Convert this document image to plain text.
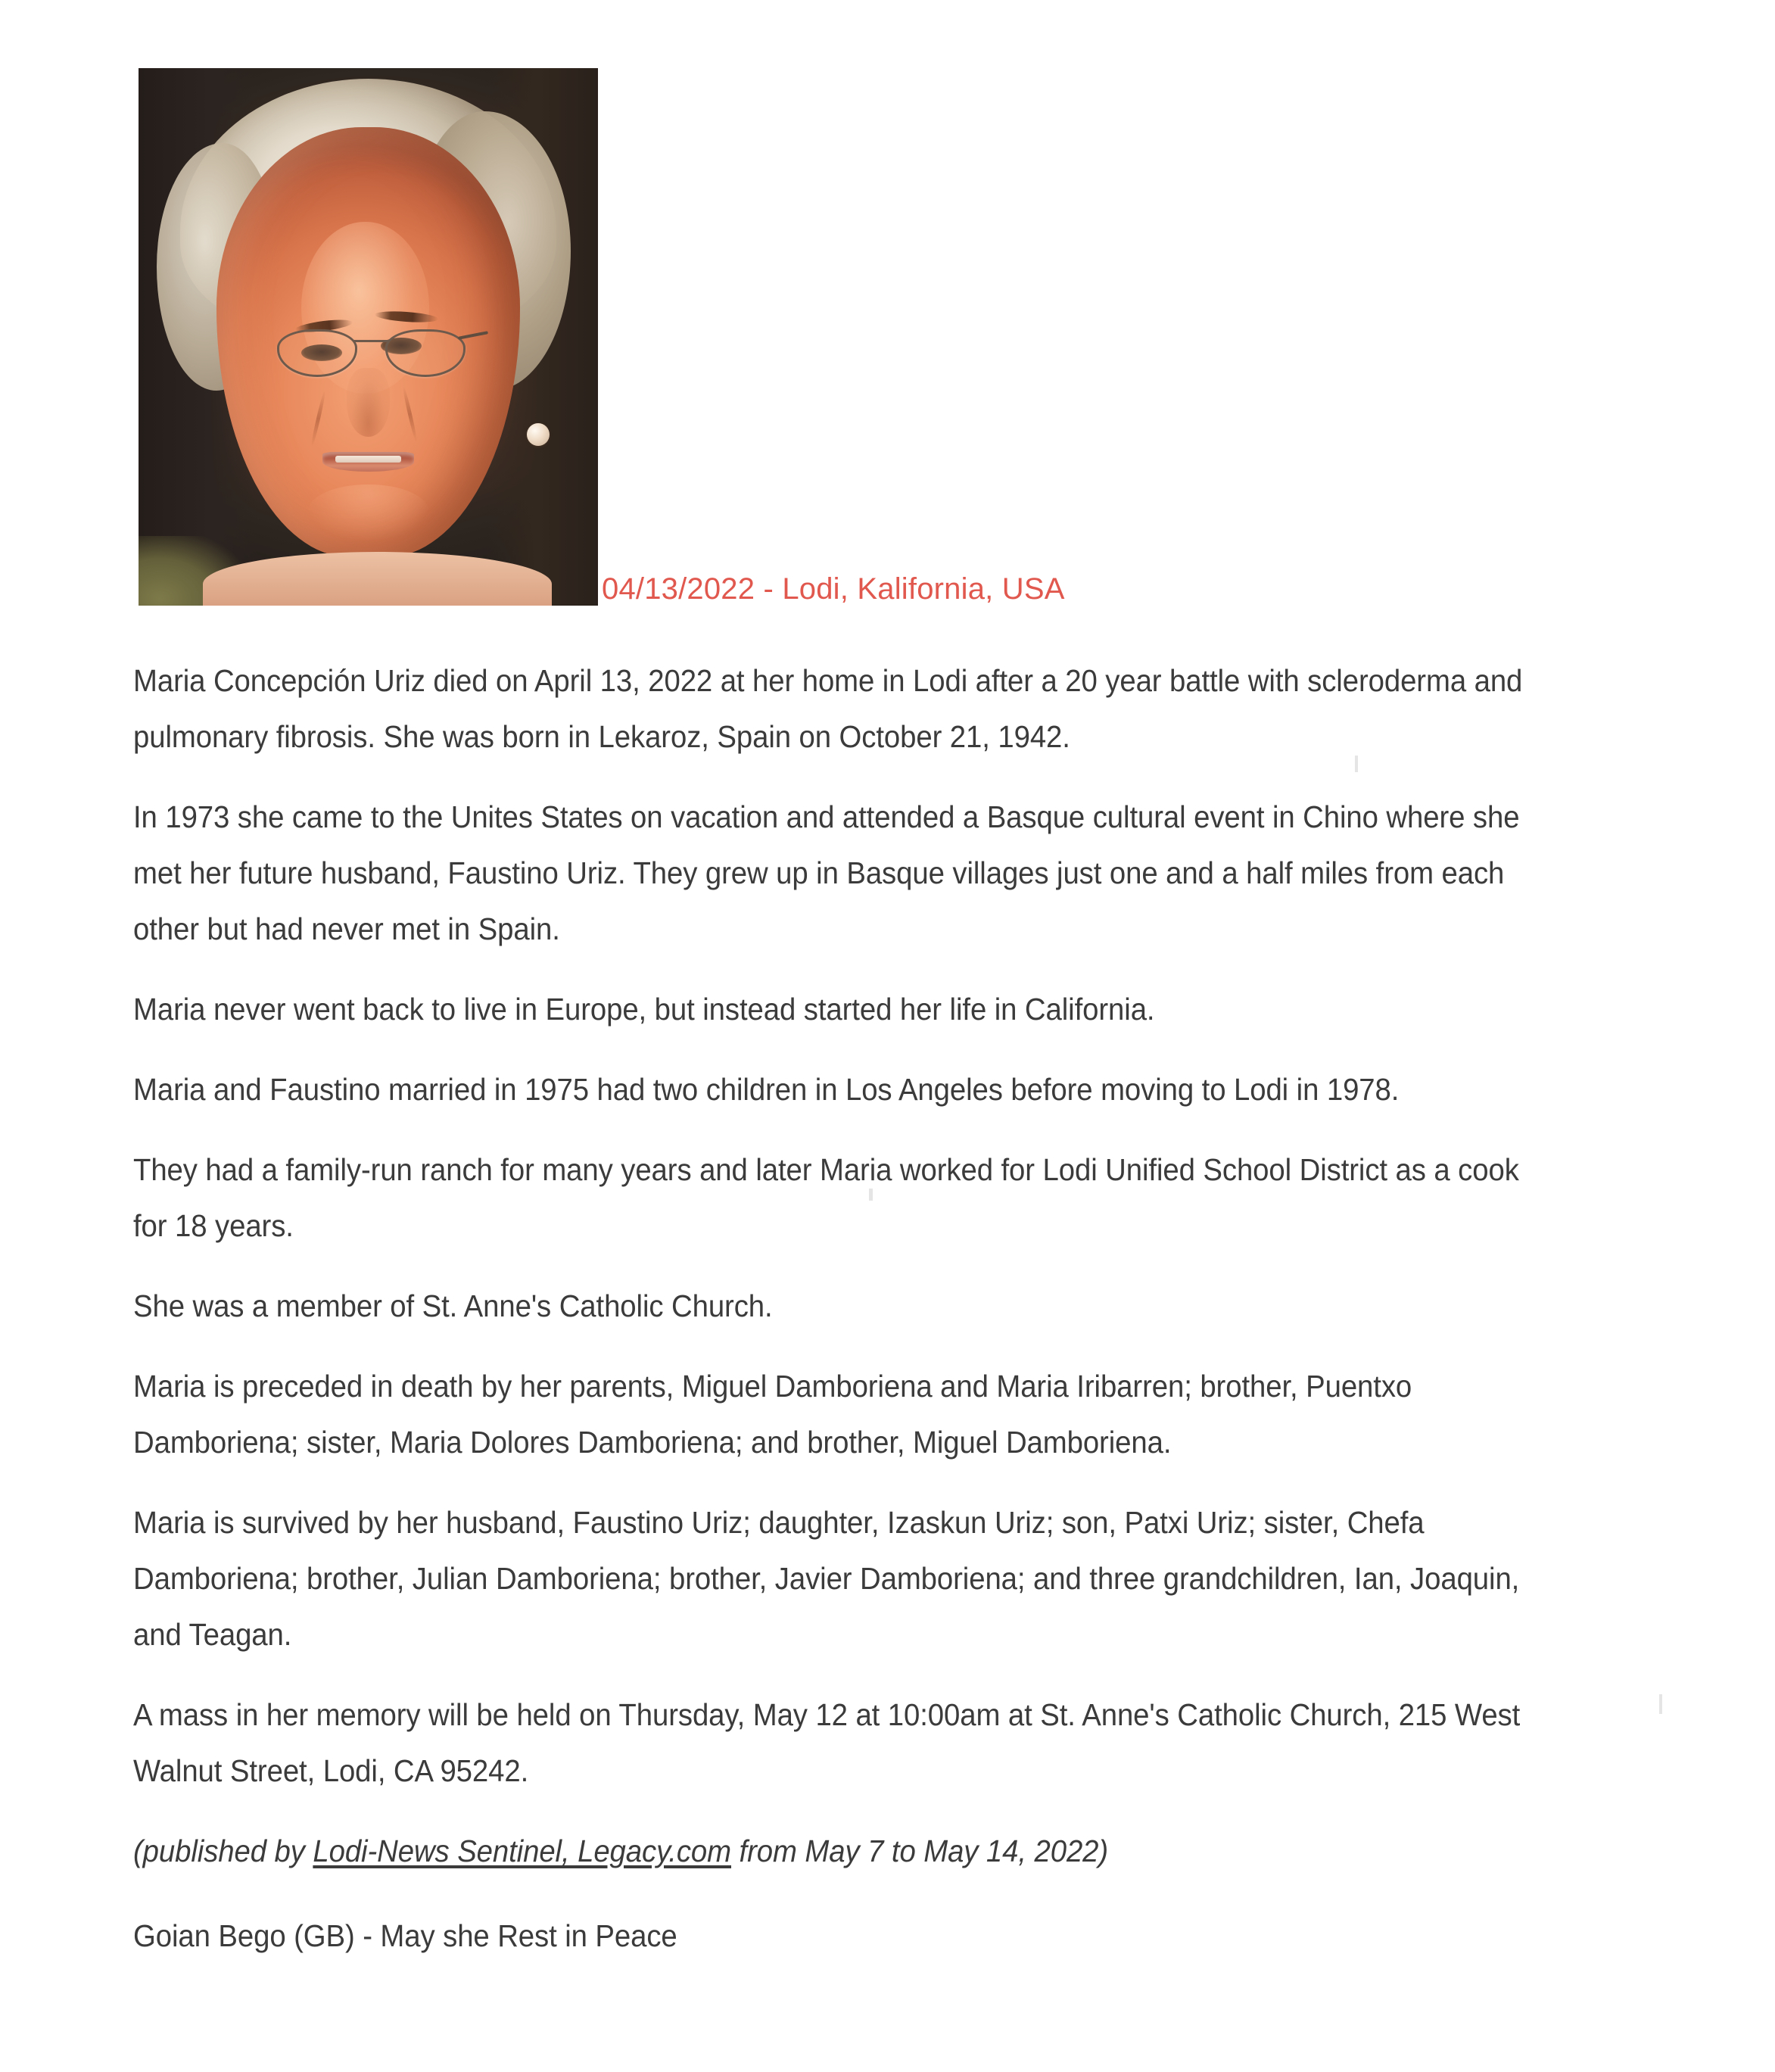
04/13/2022 - Lodi, Kalifornia, USA

Maria Concepción Uriz died on April 13, 2022 at her home in Lodi after a 20 year battle with scleroderma and pulmonary fibrosis. She was born in Lekaroz, Spain on October 21, 1942.

In 1973 she came to the Unites States on vacation and attended a Basque cultural event in Chino where she met her future husband, Faustino Uriz. They grew up in Basque villages just one and a half miles from each other but had never met in Spain.

Maria never went back to live in Europe, but instead started her life in California.

Maria and Faustino married in 1975 had two children in Los Angeles before moving to Lodi in 1978.

They had a family-run ranch for many years and later Maria worked for Lodi Unified School District as a cook for 18 years.

She was a member of St. Anne's Catholic Church.

Maria is preceded in death by her parents, Miguel Damboriena and Maria Iribarren; brother, Puentxo Damboriena; sister, Maria Dolores Damboriena; and brother, Miguel Damboriena.

Maria is survived by her husband, Faustino Uriz; daughter, Izaskun Uriz; son, Patxi Uriz; sister, Chefa Damboriena; brother, Julian Damboriena; brother, Javier Damboriena; and three grandchildren, Ian, Joaquin, and Teagan.

A mass in her memory will be held on Thursday, May 12 at 10:00am at St. Anne's Catholic Church, 215 West Walnut Street, Lodi, CA 95242.

(published by Lodi-News Sentinel, Legacy.com from May 7 to May 14, 2022)

Goian Bego (GB) - May she Rest in Peace
